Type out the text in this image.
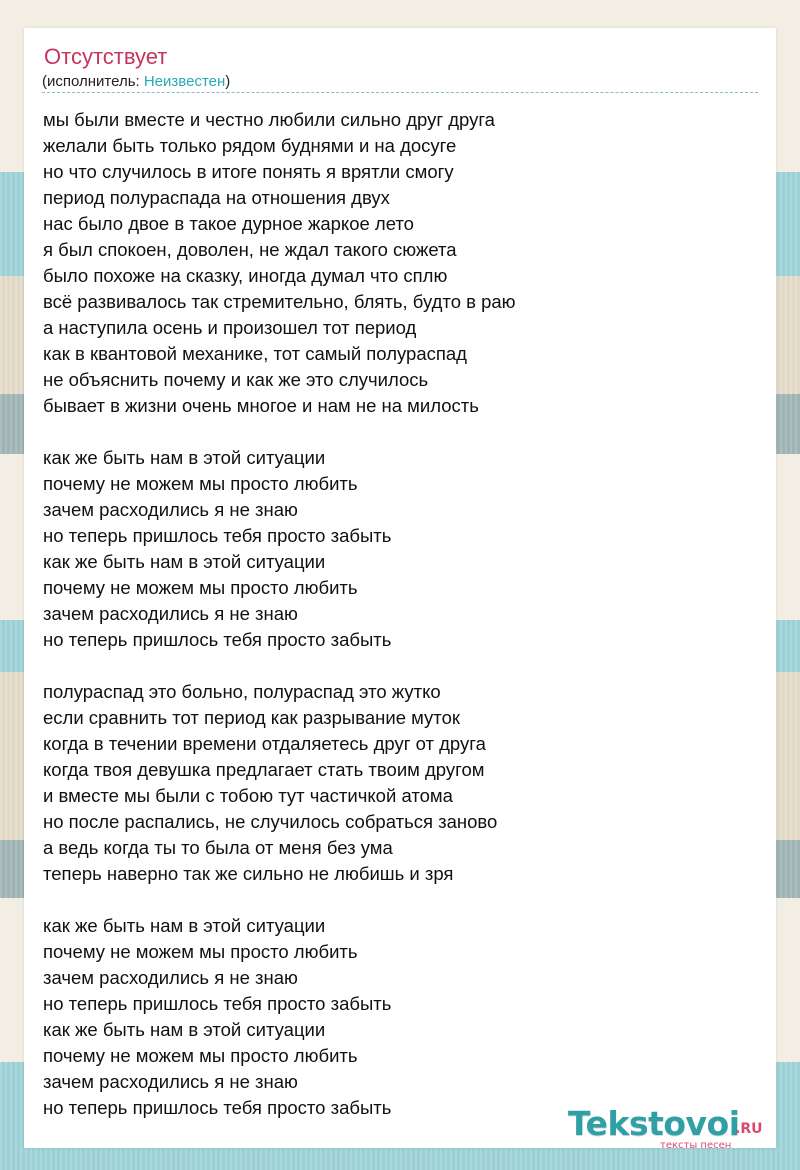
Отсутствует
(исполнитель: Неизвестен)
мы были вместе и честно любили сильно друг друга
желали быть только рядом буднями и на досуге
но что случилось в итоге понять я врятли смогу
период полураспада на отношения двух
нас было двое в такое дурное жаркое лето
я был спокоен, доволен, не ждал такого сюжета
было похоже на сказку, иногда думал что сплю
всё развивалось так стремительно, блять, будто в раю
а наступила осень и произошел тот период
как в квантовой механике, тот самый полураспад
не объяснить почему и как же это случилось
бывает в жизни очень многое и нам не на милость
как же быть нам в этой ситуации
почему не можем мы просто любить
зачем расходились я не знаю
но теперь пришлось тебя просто забыть
как же быть нам в этой ситуации
почему не можем мы просто любить
зачем расходились я не знаю
но теперь пришлось тебя просто забыть
полураспад это больно, полураспад это жутко
если сравнить тот период как разрывание муток
когда в течении времени отдаляетесь друг от друга
когда твоя девушка предлагает стать твоим другом
и вместе мы были с тобою тут частичкой атома
но после распались, не случилось собраться заново
а ведь когда ты то была от меня без ума
теперь наверно так же сильно не любишь и зря
как же быть нам в этой ситуации
почему не можем мы просто любить
зачем расходились я не знаю
но теперь пришлось тебя просто забыть
как же быть нам в этой ситуации
почему не можем мы просто любить
зачем расходились я не знаю
но теперь пришлось тебя просто забыть	Tekstovoi
.RU
тексты песен
